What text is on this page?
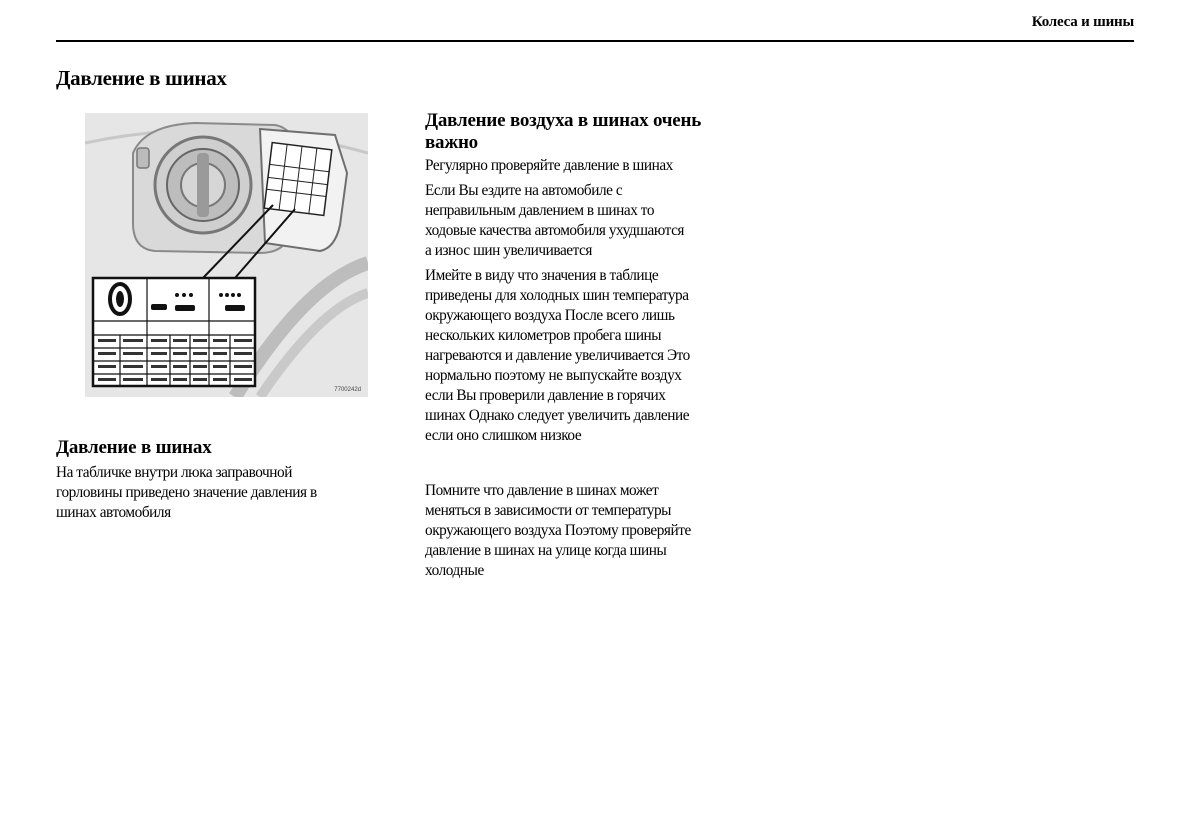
Колеса и шины
Давление в шинах
7700242d
Давление в шинах
На табличке внутри люка заправочной
горловины приведено значение давления в
шинах автомобиля
Давление воздуха в шинах очень
важно
Регулярно проверяйте давление в шинах
Если Вы ездите на автомобиле с
неправильным давлением в шинах то
ходовые качества автомобиля ухудшаются
а износ шин увеличивается
Имейте в виду что значения в таблице
приведены для холодных шин температура
окружающего воздуха После всего лишь
нескольких километров пробега шины
нагреваются и давление увеличивается Это
нормально поэтому не выпускайте воздух
если Вы проверили давление в горячих
шинах Однако следует увеличить давление
если оно слишком низкое
Помните что давление в шинах может
меняться в зависимости от температуры
окружающего воздуха Поэтому проверяйте
давление в шинах на улице когда шины
холодные
